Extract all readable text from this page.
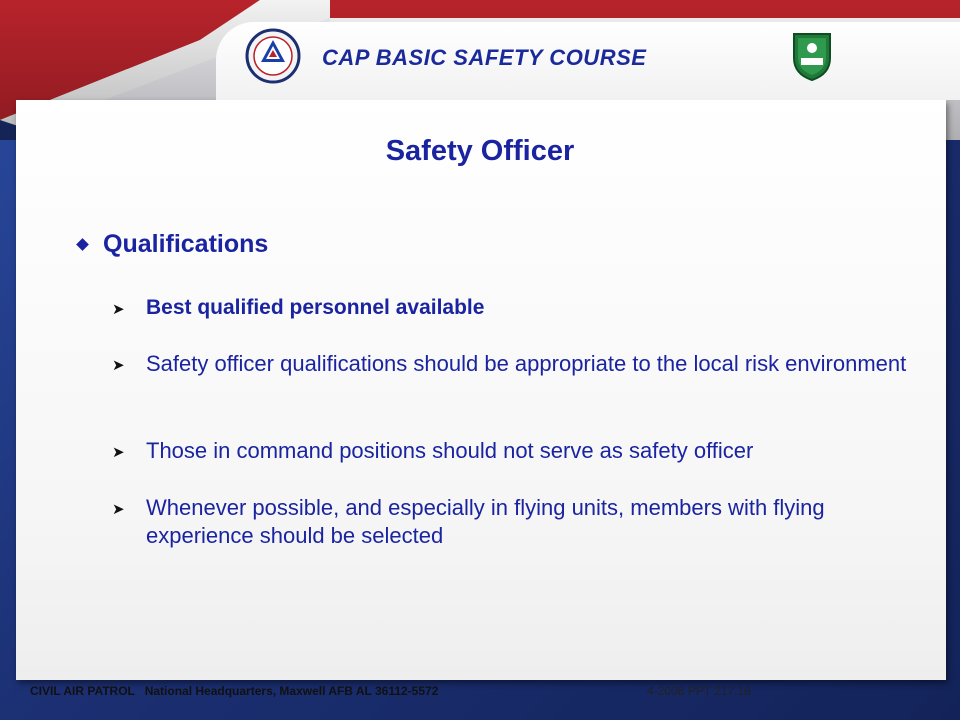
CAP BASIC SAFETY COURSE
Safety Officer
Qualifications
➤	Best qualified personnel available
➤ Safety officer qualifications should be appropriate to the local risk environment
➤ Those in command positions should not serve as safety officer
➤ Whenever possible, and especially in flying units, members with flying experience should be selected
CIVIL AIR PATROL National Headquarters, Maxwell AFB AL 36112-5572	4-2008 PPT 217.18
